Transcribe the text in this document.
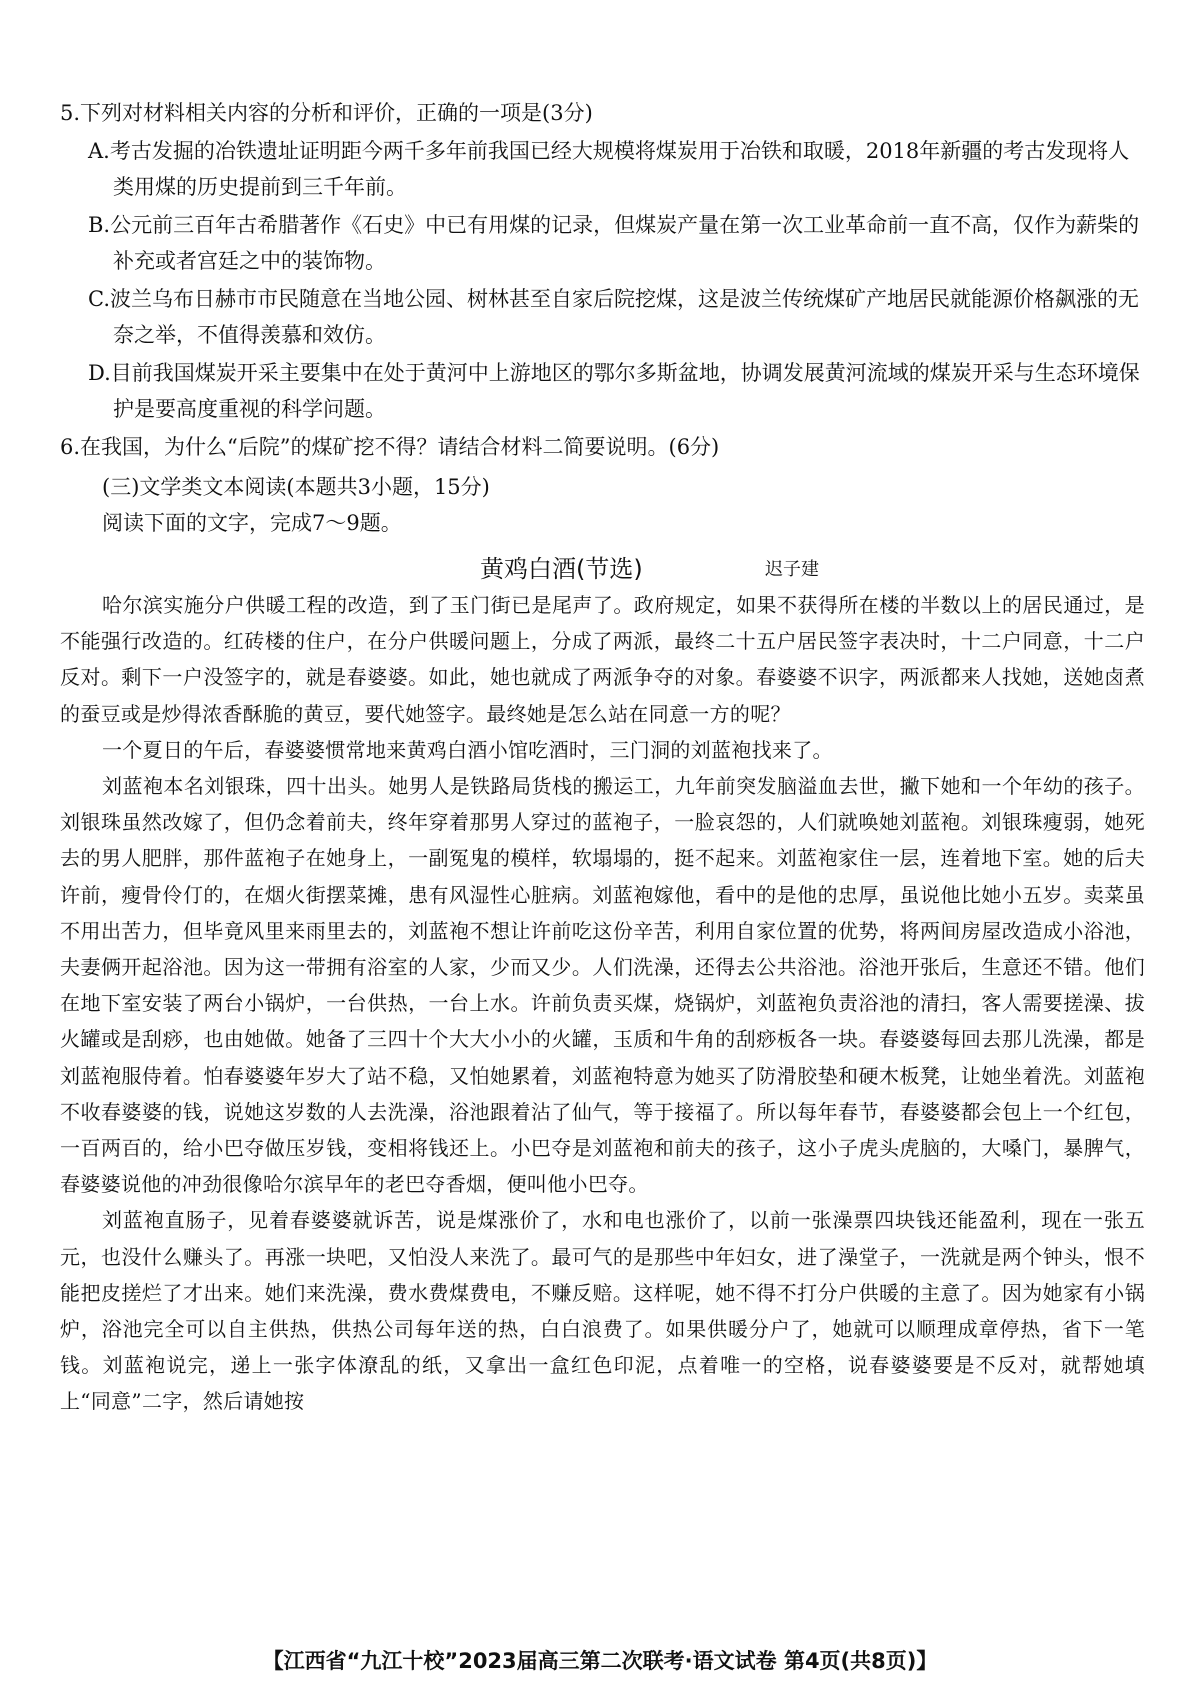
5.下列对材料相关内容的分析和评价，正确的一项是(3分)

A.考古发掘的冶铁遗址证明距今两千多年前我国已经大规模将煤炭用于冶铁和取暖，2018年新疆的考古发现将人类用煤的历史提前到三千年前。

B.公元前三百年古希腊著作《石史》中已有用煤的记录，但煤炭产量在第一次工业革命前一直不高，仅作为薪柴的补充或者宫廷之中的装饰物。

C.波兰乌布日赫市市民随意在当地公园、树林甚至自家后院挖煤，这是波兰传统煤矿产地居民就能源价格飙涨的无奈之举，不值得羡慕和效仿。

D.目前我国煤炭开采主要集中在处于黄河中上游地区的鄂尔多斯盆地，协调发展黄河流域的煤炭开采与生态环境保护是要高度重视的科学问题。

6.在我国，为什么“后院”的煤矿挖不得？请结合材料二简要说明。(6分)

(三)文学类文本阅读(本题共3小题，15分)

阅读下面的文字，完成7～9题。

黄鸡白酒(节选)	迟子建

哈尔滨实施分户供暖工程的改造，到了玉门街已是尾声了。政府规定，如果不获得所在楼的半数以上的居民通过，是不能强行改造的。红砖楼的住户，在分户供暖问题上，分成了两派，最终二十五户居民签字表决时，十二户同意，十二户反对。剩下一户没签字的，就是春婆婆。如此，她也就成了两派争夺的对象。春婆婆不识字，两派都来人找她，送她卤煮的蚕豆或是炒得浓香酥脆的黄豆，要代她签字。最终她是怎么站在同意一方的呢？

一个夏日的午后，春婆婆惯常地来黄鸡白酒小馆吃酒时，三门洞的刘蓝袍找来了。

刘蓝袍本名刘银珠，四十出头。她男人是铁路局货栈的搬运工，九年前突发脑溢血去世，撇下她和一个年幼的孩子。刘银珠虽然改嫁了，但仍念着前夫，终年穿着那男人穿过的蓝袍子，一脸哀怨的，人们就唤她刘蓝袍。刘银珠瘦弱，她死去的男人肥胖，那件蓝袍子在她身上，一副冤鬼的模样，软塌塌的，挺不起来。刘蓝袍家住一层，连着地下室。她的后夫许前，瘦骨伶仃的，在烟火街摆菜摊，患有风湿性心脏病。刘蓝袍嫁他，看中的是他的忠厚，虽说他比她小五岁。卖菜虽不用出苦力，但毕竟风里来雨里去的，刘蓝袍不想让许前吃这份辛苦，利用自家位置的优势，将两间房屋改造成小浴池，夫妻俩开起浴池。因为这一带拥有浴室的人家，少而又少。人们洗澡，还得去公共浴池。浴池开张后，生意还不错。他们在地下室安装了两台小锅炉，一台供热，一台上水。许前负责买煤，烧锅炉，刘蓝袍负责浴池的清扫，客人需要搓澡、拔火罐或是刮痧，也由她做。她备了三四十个大大小小的火罐，玉质和牛角的刮痧板各一块。春婆婆每回去那儿洗澡，都是刘蓝袍服侍着。怕春婆婆年岁大了站不稳，又怕她累着，刘蓝袍特意为她买了防滑胶垫和硬木板凳，让她坐着洗。刘蓝袍不收春婆婆的钱，说她这岁数的人去洗澡，浴池跟着沾了仙气，等于接福了。所以每年春节，春婆婆都会包上一个红包，一百两百的，给小巴夺做压岁钱，变相将钱还上。小巴夺是刘蓝袍和前夫的孩子，这小子虎头虎脑的，大嗓门，暴脾气，春婆婆说他的冲劲很像哈尔滨早年的老巴夺香烟，便叫他小巴夺。

刘蓝袍直肠子，见着春婆婆就诉苦，说是煤涨价了，水和电也涨价了，以前一张澡票四块钱还能盈利，现在一张五元，也没什么赚头了。再涨一块吧，又怕没人来洗了。最可气的是那些中年妇女，进了澡堂子，一洗就是两个钟头，恨不能把皮搓烂了才出来。她们来洗澡，费水费煤费电，不赚反赔。这样呢，她不得不打分户供暖的主意了。因为她家有小锅炉，浴池完全可以自主供热，供热公司每年送的热，白白浪费了。如果供暖分户了，她就可以顺理成章停热，省下一笔钱。刘蓝袍说完，递上一张字体潦乱的纸，又拿出一盒红色印泥，点着唯一的空格，说春婆婆要是不反对，就帮她填上“同意”二字，然后请她按

【江西省“九江十校”2023届高三第二次联考·语文试卷 第4页(共8页)】
